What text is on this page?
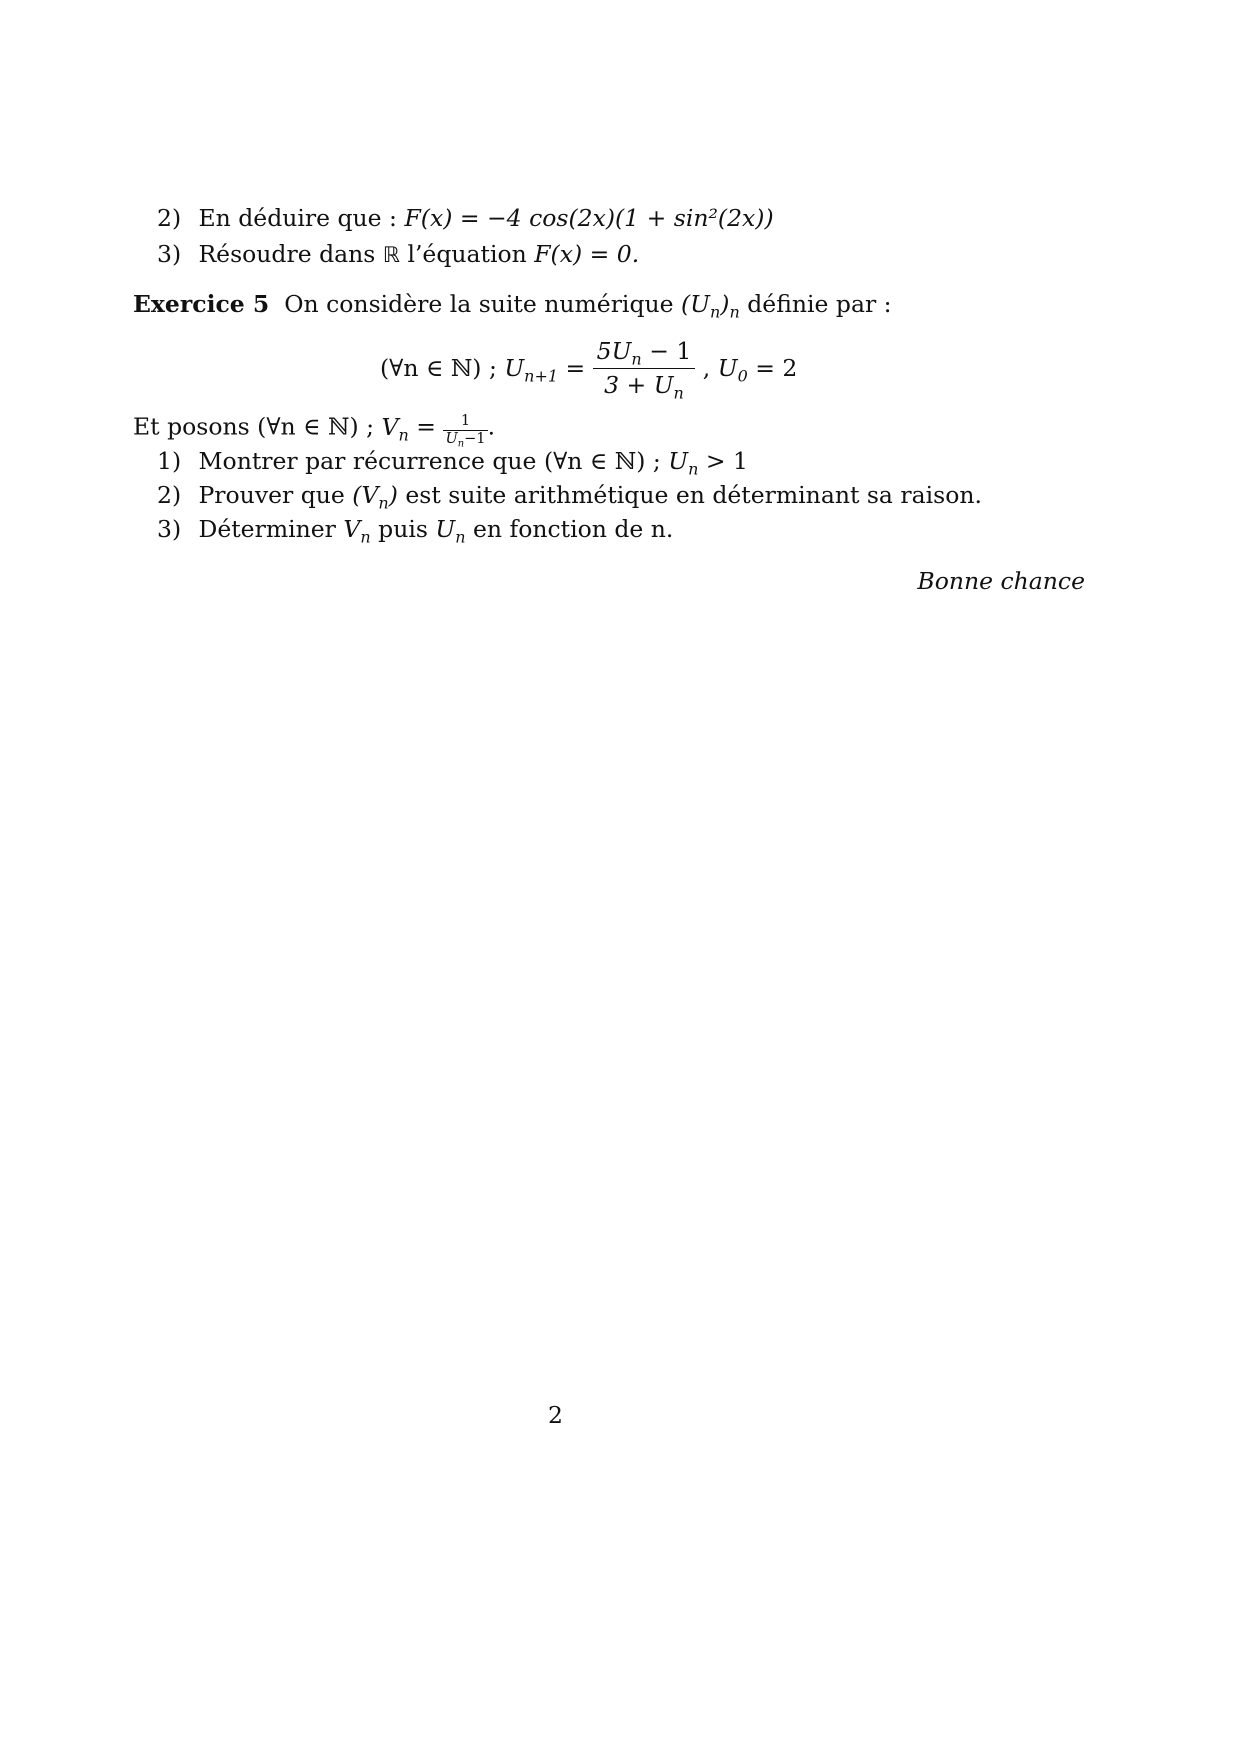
2) En déduire que : F(x) = −4 cos(2x)(1 + sin²(2x))
3) Résoudre dans ℝ l’équation F(x) = 0.
Exercice 5 On considère la suite numérique $(U_n)_n$ définie par :
(∀n ∈ ℕ) ; $U_{n+1} = \frac{5U_n - 1}{3 + U_n}$ , $U_0 = 2$
Et posons (∀n ∈ ℕ) ; $V_n = \frac{1}{U_n-1}$ .
1) Montrer par récurrence que (∀n ∈ ℕ) ; $U_n > 1$
2) Prouver que $(V_n)$ est suite arithmétique en déterminant sa raison.
3) Déterminer $V_n$ puis $U_n$ en fonction de n.
Bonne chance
2
